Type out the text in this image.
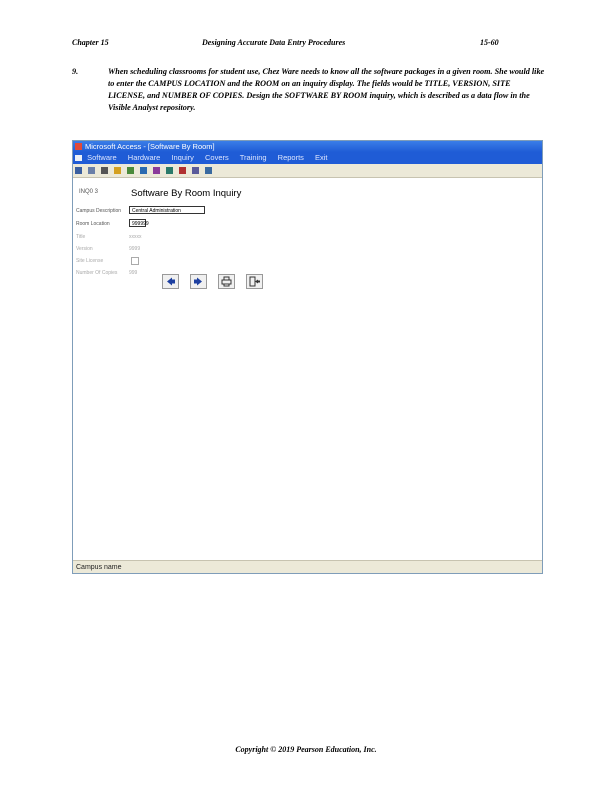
Chapter 15	Designing Accurate Data Entry Procedures	15-60
9.	When scheduling classrooms for student use, Chez Ware needs to know all the software packages in a given room. She would like to enter the CAMPUS LOCATION and the ROOM on an inquiry display. The fields would be TITLE, VERSION, SITE LICENSE, and NUMBER OF COPIES. Design the SOFTWARE BY ROOM inquiry, which is described as a data flow in the Visible Analyst repository.
Microsoft Access - [Software By Room]
Software Hardware Inquiry Covers Training Reports Exit

INQ0 3	Software By Room Inquiry
Campus Description	Central Administration
Room Location	999999
Title	xxxxx
Version	9999
Site License
Number Of Copies 999
Campus name
Copyright © 2019 Pearson Education, Inc.
